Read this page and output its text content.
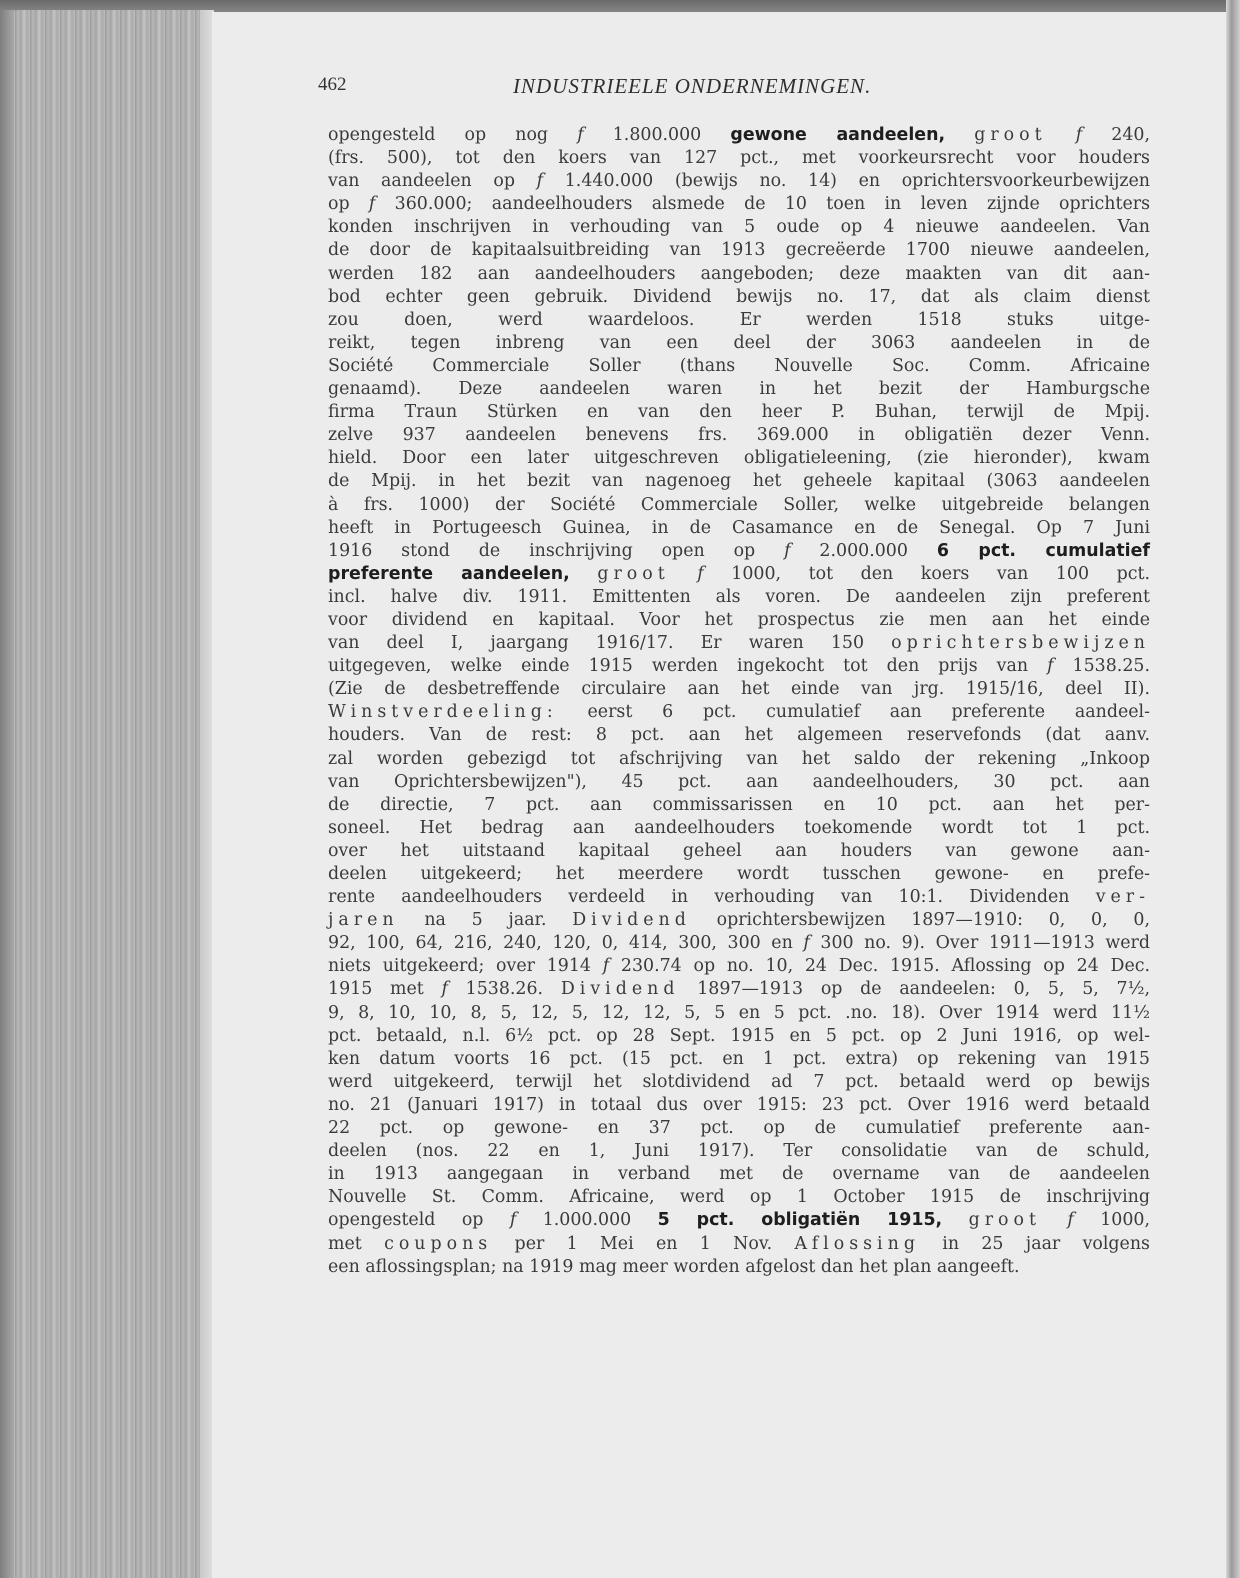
462	INDUSTRIEELE ONDERNEMINGEN.
opengesteld op nog f 1.800.000 gewone aandeelen, groot f 240,
(frs. 500), tot den koers van 127 pct., met voorkeursrecht voor houders
van aandeelen op f 1.440.000 (bewijs no. 14) en oprichtersvoorkeurbewijzen
op f 360.000; aandeelhouders alsmede de 10 toen in leven zijnde oprichters
konden inschrijven in verhouding van 5 oude op 4 nieuwe aandeelen. Van
de door de kapitaalsuitbreiding van 1913 gecreëerde 1700 nieuwe aandeelen,
werden 182 aan aandeelhouders aangeboden; deze maakten van dit aan-
bod echter geen gebruik. Dividend bewijs no. 17, dat als claim dienst
zou doen, werd waardeloos. Er werden 1518 stuks uitge-
reikt, tegen inbreng van een deel der 3063 aandeelen in de
Société Commerciale Soller (thans Nouvelle Soc. Comm. Africaine
genaamd). Deze aandeelen waren in het bezit der Hamburgsche
firma Traun Stürken en van den heer P. Buhan, terwijl de Mpij.
zelve 937 aandeelen benevens frs. 369.000 in obligatiën dezer Venn.
hield. Door een later uitgeschreven obligatieleening, (zie hieronder), kwam
de Mpij. in het bezit van nagenoeg het geheele kapitaal (3063 aandeelen
à frs. 1000) der Société Commerciale Soller, welke uitgebreide belangen
heeft in Portugeesch Guinea, in de Casamance en de Senegal. Op 7 Juni
1916 stond de inschrijving open op f 2.000.000 6 pct. cumulatief
preferente aandeelen, groot f 1000, tot den koers van 100 pct.
incl. halve div. 1911. Emittenten als voren. De aandeelen zijn preferent
voor dividend en kapitaal. Voor het prospectus zie men aan het einde
van deel I, jaargang 1916/17. Er waren 150 oprichtersbewijzen
uitgegeven, welke einde 1915 werden ingekocht tot den prijs van f 1538.25.
(Zie de desbetreffende circulaire aan het einde van jrg. 1915/16, deel II).
Winstverdeeling: eerst 6 pct. cumulatief aan preferente aandeel-
houders. Van de rest: 8 pct. aan het algemeen reservefonds (dat aanv.
zal worden gebezigd tot afschrijving van het saldo der rekening „Inkoop
van Oprichtersbewijzen"), 45 pct. aan aandeelhouders, 30 pct. aan
de directie, 7 pct. aan commissarissen en 10 pct. aan het per-
soneel. Het bedrag aan aandeelhouders toekomende wordt tot 1 pct.
over het uitstaand kapitaal geheel aan houders van gewone aan-
deelen uitgekeerd; het meerdere wordt tusschen gewone- en prefe-
rente aandeelhouders verdeeld in verhouding van 10:1. Dividenden ver-
jaren na 5 jaar. Dividend oprichtersbewijzen 1897—1910: 0, 0, 0,
92, 100, 64, 216, 240, 120, 0, 414, 300, 300 en f 300 no. 9). Over 1911—1913 werd
niets uitgekeerd; over 1914 f 230.74 op no. 10, 24 Dec. 1915. Aflossing op 24 Dec.
1915 met f 1538.26. Dividend 1897—1913 op de aandeelen: 0, 5, 5, 7½,
9, 8, 10, 10, 8, 5, 12, 5, 12, 12, 5, 5 en 5 pct. .no. 18). Over 1914 werd 11½
pct. betaald, n.l. 6½ pct. op 28 Sept. 1915 en 5 pct. op 2 Juni 1916, op wel-
ken datum voorts 16 pct. (15 pct. en 1 pct. extra) op rekening van 1915
werd uitgekeerd, terwijl het slotdividend ad 7 pct. betaald werd op bewijs
no. 21 (Januari 1917) in totaal dus over 1915: 23 pct. Over 1916 werd betaald
22 pct. op gewone- en 37 pct. op de cumulatief preferente aan-
deelen (nos. 22 en 1, Juni 1917). Ter consolidatie van de schuld,
in 1913 aangegaan in verband met de overname van de aandeelen
Nouvelle St. Comm. Africaine, werd op 1 October 1915 de inschrijving
opengesteld op f 1.000.000 5 pct. obligatiën 1915, groot f 1000,
met coupons per 1 Mei en 1 Nov. Aflossing in 25 jaar volgens
een aflossingsplan; na 1919 mag meer worden afgelost dan het plan aangeeft.
